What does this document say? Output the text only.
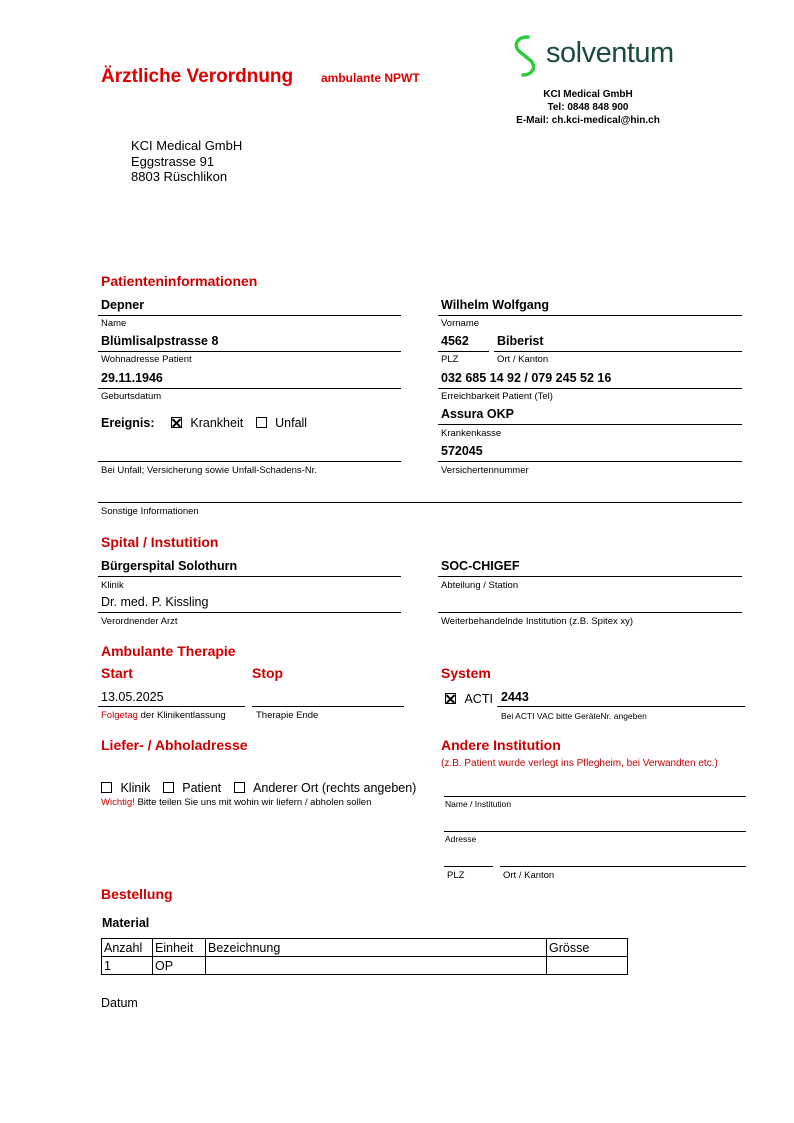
Ärztliche Verordnung ambulante NPWT
solventum
KCI Medical GmbH
Tel: 0848 848 900
E-Mail: ch.kci-medical@hin.ch
KCI Medical GmbH
Eggstrasse 91
8803 Rüschlikon
Patienteninformationen
Depner
Name
Wilhelm Wolfgang
Vorname
Blümlisalpstrasse 8
Wohnadresse Patient
4562
PLZ
Biberist
Ort / Kanton
29.11.1946
Geburtsdatum
032 685 14 92 / 079 245 52 16
Erreichbarkeit Patient (Tel)
Ereignis:	Krankheit	Unfall
Assura OKP
Krankenkasse
Bei Unfall; Versicherung sowie Unfall-Schadens-Nr.
572045
Versichertennummer
Sonstige Informationen
Spital / Instutition
Bürgerspital Solothurn
Klinik
SOC-CHIGEF
Abteilung / Station
Dr. med. P. Kissling
Verordnender Arzt	Weiterbehandelnde Institution (z.B. Spitex xy)
Ambulante Therapie
Start	Stop	System
13.05.2025
Folgetag der Klinikentlassung	Therapie Ende
ACTI 2443
Bei ACTI VAC bitte GeräteNr. angeben
Liefer- / Abholadresse
Klinik	Patient	Anderer Ort (rechts angeben)
Wichtig! Bitte teilen Sie uns mit wohin wir liefern / abholen sollen
Andere Institution
(z.B. Patient wurde verlegt ins Pflegheim, bei Verwandten etc.)
Name / Institution
Adresse
PLZ	Ort / Kanton
Bestellung
Material
Anzahl	Einheit	Bezeichnung	Grösse
1	OP		
Datum
